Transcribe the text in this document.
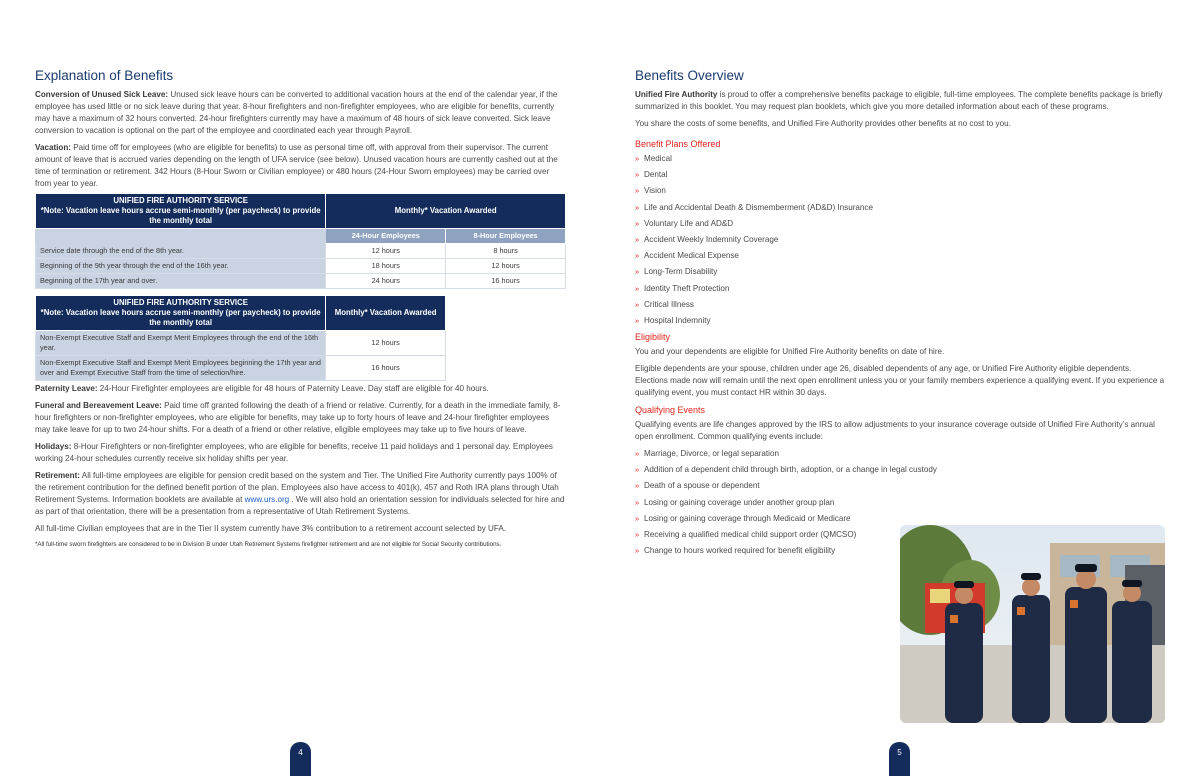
Explanation of Benefits

Conversion of Unused Sick Leave: Unused sick leave hours can be converted to additional vacation hours at the end of the calendar year, if the employee has used little or no sick leave during that year. 8-hour firefighters and non-firefighter employees, who are eligible for benefits, currently may have a maximum of 32 hours converted. 24-hour firefighters currently may have a maximum of 48 hours of sick leave converted. Sick leave conversion to vacation is optional on the part of the employee and coordinated each year through Payroll.

Vacation: Paid time off for employees (who are eligible for benefits) to use as personal time off, with approval from their supervisor. The current amount of leave that is accrued varies depending on the length of UFA service (see below). Unused vacation hours are currently cashed out at the time of termination or retirement. 342 Hours (8-Hour Sworn or Civilian employee) or 480 hours (24-Hour Sworn employees) may be carried over from year to year.

UNIFIED FIRE AUTHORITY SERVICE
*Note: Vacation leave hours accrue semi-monthly (per paycheck) to provide the monthly total	Monthly* Vacation Awarded	
	24-Hour Employees	8-Hour Employees
Service date through the end of the 8th year.	12 hours	8 hours
Beginning of the 9th year through the end of the 16th year.	18 hours	12 hours
Beginning of the 17th year and over.	24 hours	16 hours
UNIFIED FIRE AUTHORITY SERVICE
*Note: Vacation leave hours accrue semi-monthly (per paycheck) to provide the monthly total	Monthly* Vacation Awarded
Non-Exempt Executive Staff and Exempt Merit Employees through the end of the 16th year.	12 hours
Non-Exempt Executive Staff and Exempt Merit Employees beginning the 17th year and over and Exempt Executive Staff from the time of selection/hire.	16 hours

Paternity Leave: 24-Hour Firefighter employees are eligible for 48 hours of Paternity Leave. Day staff are eligible for 40 hours.

Funeral and Bereavement Leave: Paid time off granted following the death of a friend or relative. Currently, for a death in the immediate family, 8-hour firefighters or non-firefighter employees, who are eligible for benefits, may take up to forty hours of leave and 24-hour firefighter employees may take leave for up to two 24-hour shifts. For a death of a friend or other relative, eligible employees may take up to five hours of leave.

Holidays: 8-Hour Firefighters or non-firefighter employees, who are eligible for benefits, receive 11 paid holidays and 1 personal day. Employees working 24-hour schedules currently receive six holiday shifts per year.

Retirement: All full-time employees are eligible for pension credit based on the system and Tier. The Unified Fire Authority currently pays 100% of the retirement contribution for the defined benefit portion of the plan. Employees also have access to 401(k), 457 and Roth IRA plans through Utah Retirement Systems. Information booklets are available at www.urs.org . We will also hold an orientation session for individuals selected for hire and as part of that orientation, there will be a presentation from a representative of Utah Retirement Systems.

All full-time Civilian employees that are in the Tier II system currently have 3% contribution to a retirement account selected by UFA.

*All full-time sworn firefighters are considered to be in Division B under Utah Retirement Systems firefighter retirement and are not eligible for Social Security contributions.

4
Benefits Overview

Unified Fire Authority is proud to offer a comprehensive benefits package to eligible, full-time employees. The complete benefits package is briefly summarized in this booklet. You may request plan booklets, which give you more detailed information about each of these programs.

You share the costs of some benefits, and Unified Fire Authority provides other benefits at no cost to you.

Benefit Plans Offered
» Medical
» Dental
» Vision
» Life and Accidental Death & Dismemberment (AD&D) Insurance
» Voluntary Life and AD&D
» Accident Weekly Indemnity Coverage
» Accident Medical Expense
» Long-Term Disability
» Identity Theft Protection
» Critical Illness
» Hospital Indemnity
Eligibility

You and your dependents are eligible for Unified Fire Authority benefits on date of hire.

Eligible dependents are your spouse, children under age 26, disabled dependents of any age, or Unified Fire Authority eligible dependents. Elections made now will remain until the next open enrollment unless you or your family members experience a qualifying event. If you experience a qualifying event, you must contact HR within 30 days.

Qualifying Events

Qualifying events are life changes approved by the IRS to allow adjustments to your insurance coverage outside of Unified Fire Authority’s annual open enrollment. Common qualifying events include:

» Marriage, Divorce, or legal separation
» Addition of a dependent child through birth, adoption, or a change in legal custody
» Death of a spouse or dependent
» Losing or gaining coverage under another group plan
» Losing or gaining coverage through Medicaid or Medicare
» Receiving a qualified medical child support order (QMCSO)
» Change to hours worked required for benefit eligibility
5
